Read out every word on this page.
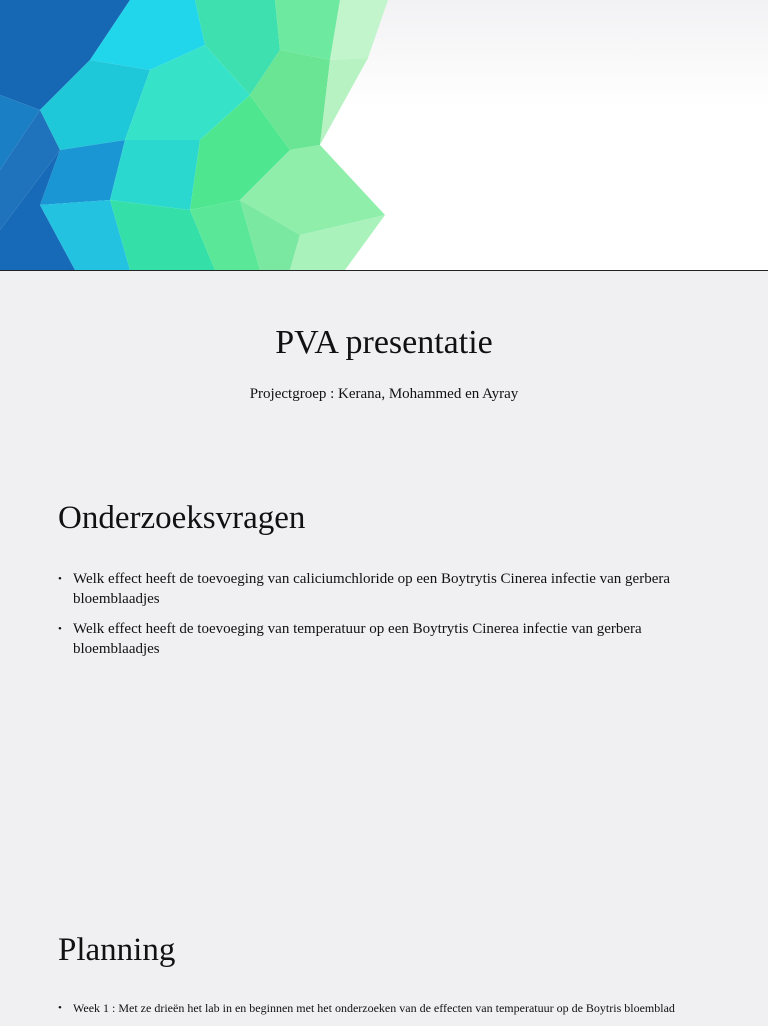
PVA presentatie
Projectgroep : Kerana, Mohammed en Ayray
Onderzoeksvragen
• Welk effect heeft de toevoeging van caliciumchloride op een Boytrytis Cinerea infectie van gerbera bloemblaadjes
• Welk effect heeft de toevoeging van temperatuur op een Boytrytis Cinerea infectie van gerbera bloemblaadjes
Planning
• Week 1 : Met ze drieën het lab in en beginnen met het onderzoeken van de effecten van temperatuur op de Boytris bloemblad
